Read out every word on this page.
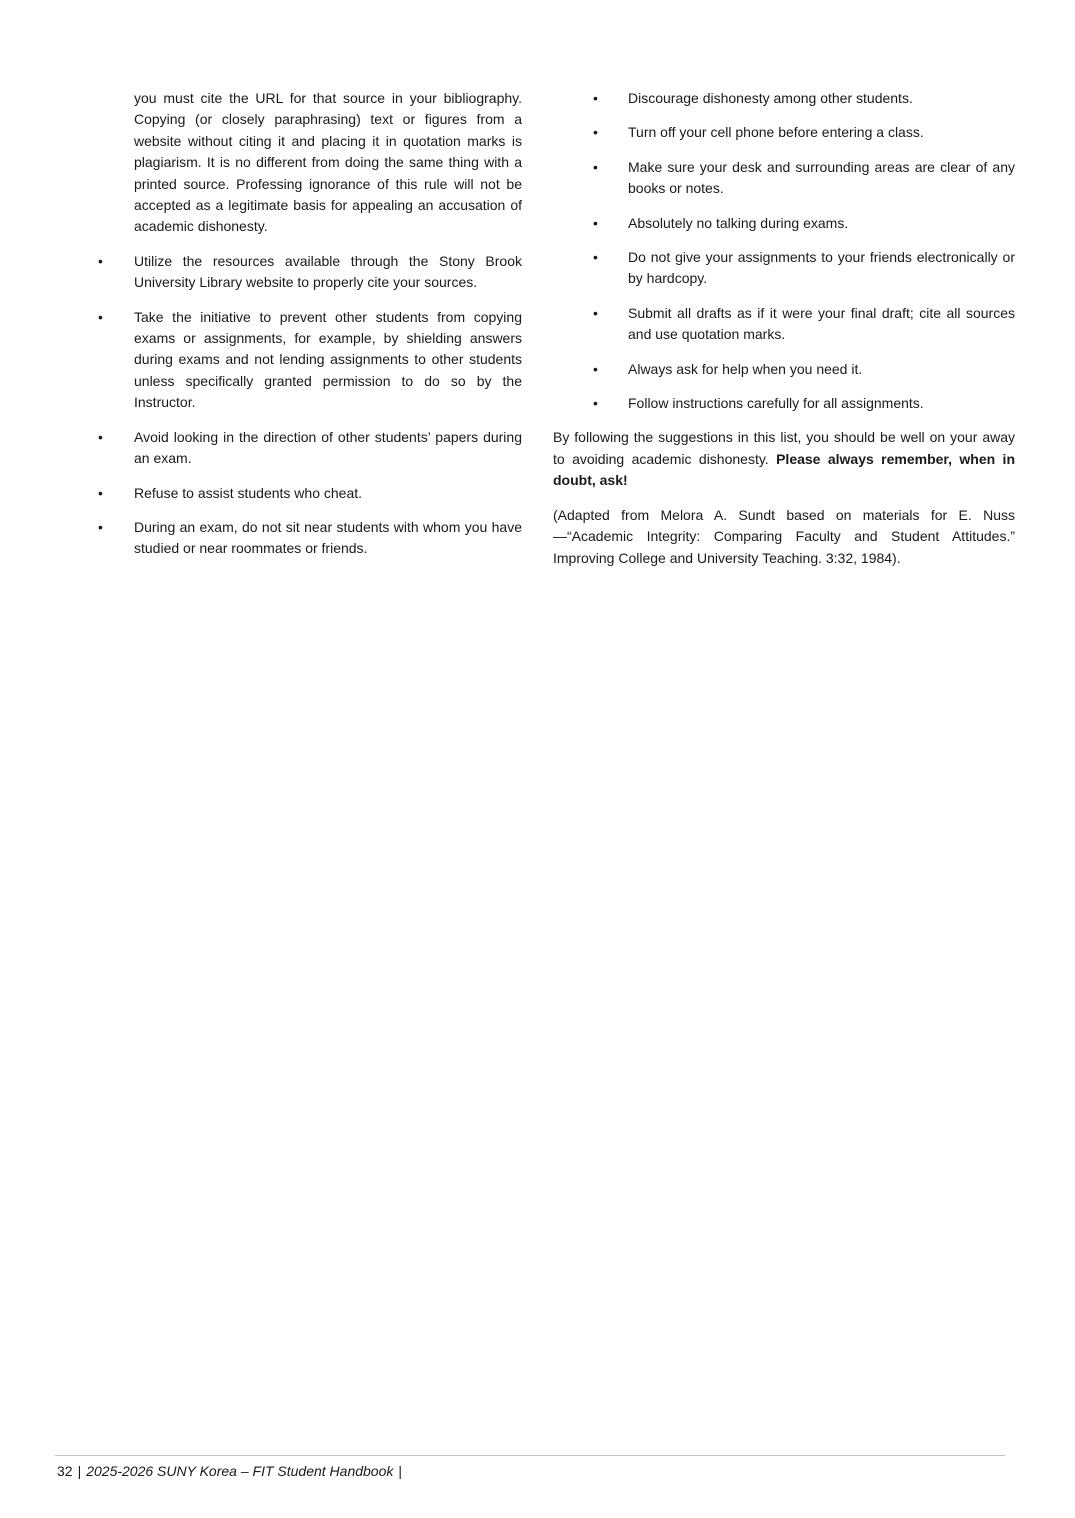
you must cite the URL for that source in your bibliography. Copying (or closely paraphrasing) text or figures from a website without citing it and placing it in quotation marks is plagiarism. It is no different from doing the same thing with a printed source. Professing ignorance of this rule will not be accepted as a legitimate basis for appealing an accusation of academic dishonesty.

• Utilize the resources available through the Stony Brook University Library website to properly cite your sources.
• Take the initiative to prevent other students from copying exams or assignments, for example, by shielding answers during exams and not lending assignments to other students unless specifically granted permission to do so by the Instructor.
• Avoid looking in the direction of other students’ papers during an exam.
• Refuse to assist students who cheat.
• During an exam, do not sit near students with whom you have studied or near roommates or friends.
• Discourage dishonesty among other students.
• Turn off your cell phone before entering a class.
• Make sure your desk and surrounding areas are clear of any books or notes.
• Absolutely no talking during exams.
• Do not give your assignments to your friends electronically or by hardcopy.
• Submit all drafts as if it were your final draft; cite all sources and use quotation marks.
• Always ask for help when you need it.
• Follow instructions carefully for all assignments.

By following the suggestions in this list, you should be well on your away to avoiding academic dishonesty. Please always remember, when in doubt, ask!

(Adapted from Melora A. Sundt based on materials for E. Nuss—“Academic Integrity: Comparing Faculty and Student Attitudes.” Improving College and University Teaching. 3:32, 1984).

32 | 2025-2026 SUNY Korea – FIT Student Handbook |
